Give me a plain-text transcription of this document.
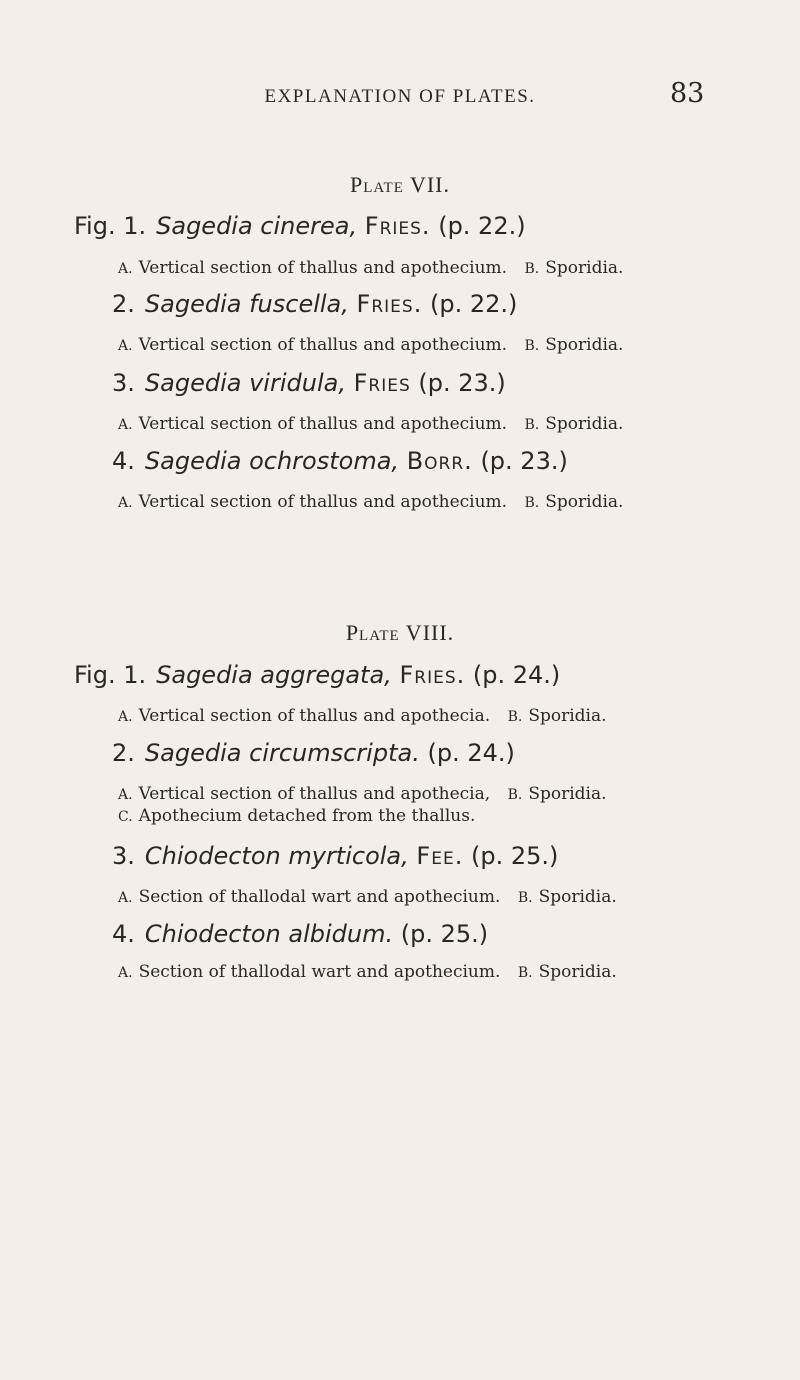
EXPLANATION OF PLATES.	83
Plate VII.
Fig. 1. Sagedia cinerea, Fries. (p. 22.)
A. Vertical section of thallus and apothecium. B. Sporidia.
2. Sagedia fuscella, Fries. (p. 22.)
A. Vertical section of thallus and apothecium. B. Sporidia.
3. Sagedia viridula, Fries (p. 23.)
A. Vertical section of thallus and apothecium. B. Sporidia.
4. Sagedia ochrostoma, Borr. (p. 23.)
A. Vertical section of thallus and apothecium. B. Sporidia.
Plate VIII.
Fig. 1. Sagedia aggregata, Fries. (p. 24.)
A. Vertical section of thallus and apothecia. B. Sporidia.
2. Sagedia circumscripta. (p. 24.)
A. Vertical section of thallus and apothecia, B. Sporidia.
C. Apothecium detached from the thallus.
3. Chiodecton myrticola, Fee. (p. 25.)
A. Section of thallodal wart and apothecium. B. Sporidia.
4. Chiodecton albidum. (p. 25.)
A. Section of thallodal wart and apothecium. B. Sporidia.
